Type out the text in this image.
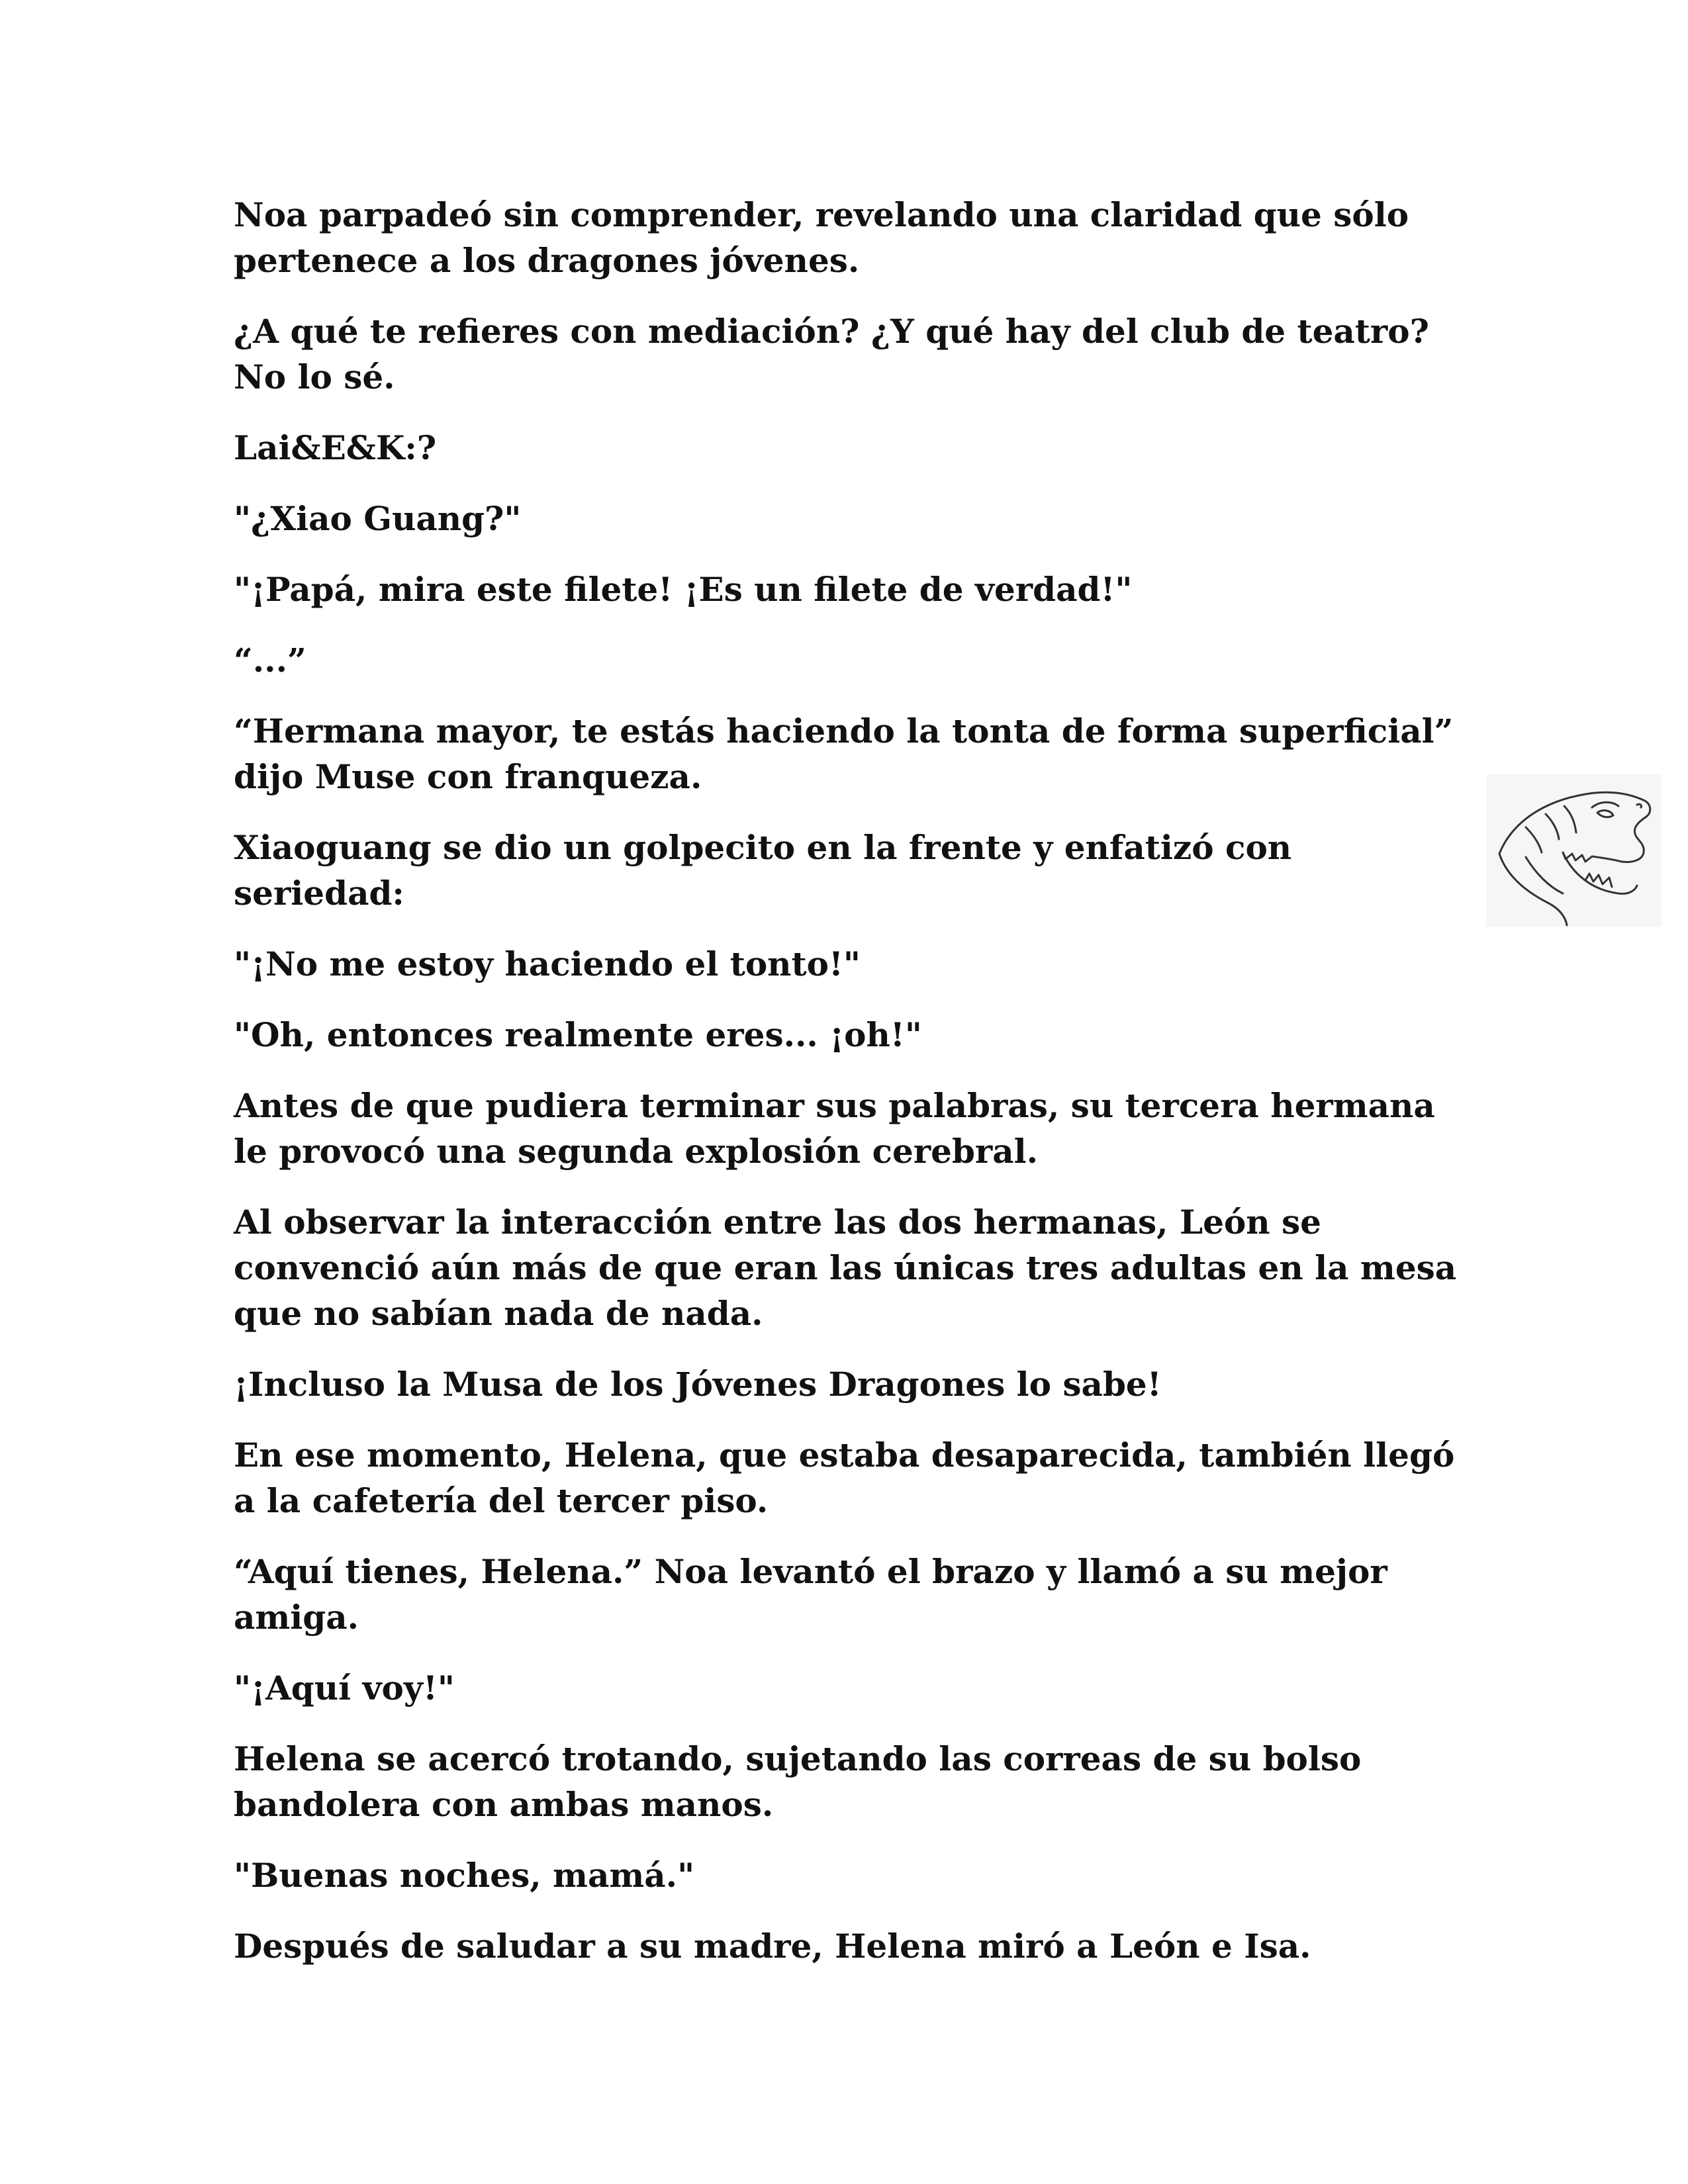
Noa parpadeó sin comprender, revelando una claridad que sólo pertenece a los dragones jóvenes.

¿A qué te refieres con mediación? ¿Y qué hay del club de teatro? No lo sé.

Lai&E&K:?

"¿Xiao Guang?"

"¡Papá, mira este filete! ¡Es un filete de verdad!"

“...”

“Hermana mayor, te estás haciendo la tonta de forma superficial” dijo Muse con franqueza.

Xiaoguang se dio un golpecito en la frente y enfatizó con seriedad:

"¡No me estoy haciendo el tonto!"

"Oh, entonces realmente eres... ¡oh!"

Antes de que pudiera terminar sus palabras, su tercera hermana le provocó una segunda explosión cerebral.

Al observar la interacción entre las dos hermanas, León se convenció aún más de que eran las únicas tres adultas en la mesa que no sabían nada de nada.

¡Incluso la Musa de los Jóvenes Dragones lo sabe!

En ese momento, Helena, que estaba desaparecida, también llegó a la cafetería del tercer piso.

“Aquí tienes, Helena.” Noa levantó el brazo y llamó a su mejor amiga.

"¡Aquí voy!"

Helena se acercó trotando, sujetando las correas de su bolso bandolera con ambas manos.

"Buenas noches, mamá."

Después de saludar a su madre, Helena miró a León e Isa.
